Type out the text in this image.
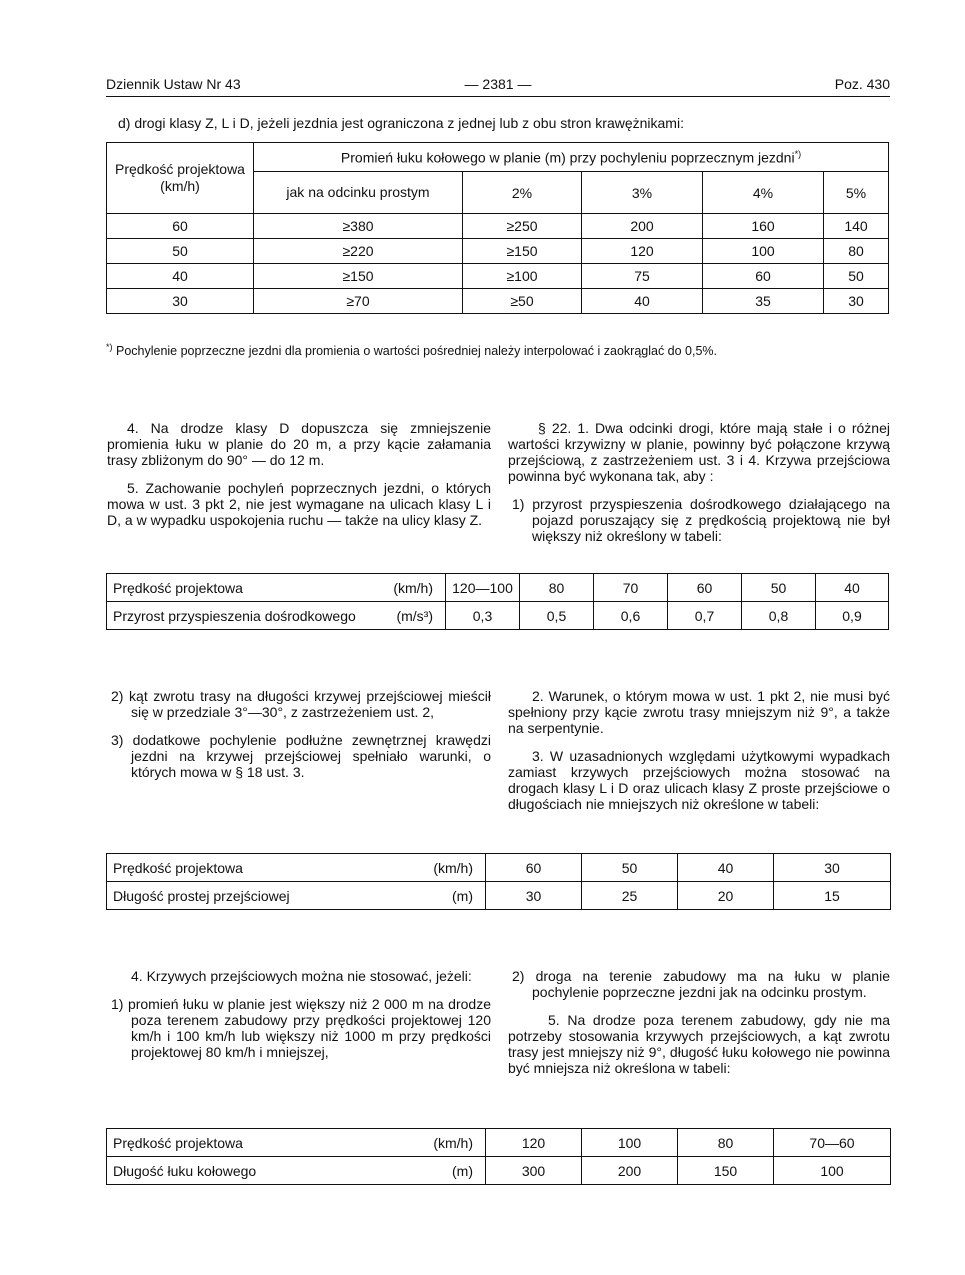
Dziennik Ustaw Nr 43	— 2381 —	Poz. 430
d) drogi klasy Z, L i D, jeżeli jezdnia jest ograniczona z jednej lub z obu stron krawężnikami:
Prędkość projektowa (km/h)	Promień łuku kołowego w planie (m) przy pochyleniu poprzecznym jezdni*)
	jak na odcinku prostym	2%	3%	4%	5%
60	≥380	≥250	200	160	140
50	≥220	≥150	120	100	80
40	≥150	≥100	75	60	50
30	≥70	≥50	40	35	30
*) Pochylenie poprzeczne jezdni dla promienia o wartości pośredniej należy interpolować i zaokrąglać do 0,5%.

4. Na drodze klasy D dopuszcza się zmniejszenie promienia łuku w planie do 20 m, a przy kącie załamania trasy zbliżonym do 90° — do 12 m.

5. Zachowanie pochyleń poprzecznych jezdni, o których mowa w ust. 3 pkt 2, nie jest wymagane na ulicach klasy L i D, a w wypadku uspokojenia ruchu — także na ulicy klasy Z.

§ 22. 1. Dwa odcinki drogi, które mają stałe i o różnej wartości krzywizny w planie, powinny być połączone krzywą przejściową, z zastrzeżeniem ust. 3 i 4. Krzywa przejściowa powinna być wykonana tak, aby :

1) przyrost przyspieszenia dośrodkowego działającego na pojazd poruszający się z prędkością projektową nie był większy niż określony w tabeli:

Prędkość projektowa	(km/h)	120—100	80	70	60	50	40
Przyrost przyspieszenia dośrodkowego	(m/s³)	0,3	0,5	0,6	0,7	0,8	0,9

2) kąt zwrotu trasy na długości krzywej przejściowej mieścił się w przedziale 3°—30°, z zastrzeżeniem ust. 2,

3) dodatkowe pochylenie podłużne zewnętrznej krawędzi jezdni na krzywej przejściowej spełniało warunki, o których mowa w § 18 ust. 3.

2. Warunek, o którym mowa w ust. 1 pkt 2, nie musi być spełniony przy kącie zwrotu trasy mniejszym niż 9°, a także na serpentynie.

3. W uzasadnionych względami użytkowymi wypadkach zamiast krzywych przejściowych można stosować na drogach klasy L i D oraz ulicach klasy Z proste przejściowe o długościach nie mniejszych niż określone w tabeli:

Prędkość projektowa	(km/h)	60	50	40	30
Długość prostej przejściowej	(m)	30	25	20	15

4. Krzywych przejściowych można nie stosować, jeżeli:

1) promień łuku w planie jest większy niż 2 000 m na drodze poza terenem zabudowy przy prędkości projektowej 120 km/h i 100 km/h lub większy niż 1000 m przy prędkości projektowej 80 km/h i mniejszej,

2) droga na terenie zabudowy ma na łuku w planie pochylenie poprzeczne jezdni jak na odcinku prostym.

5. Na drodze poza terenem zabudowy, gdy nie ma potrzeby stosowania krzywych przejściowych, a kąt zwrotu trasy jest mniejszy niż 9°, długość łuku kołowego nie powinna być mniejsza niż określona w tabeli:

Prędkość projektowa	(km/h)	120	100	80	70—60
Długość łuku kołowego	(m)	300	200	150	100
